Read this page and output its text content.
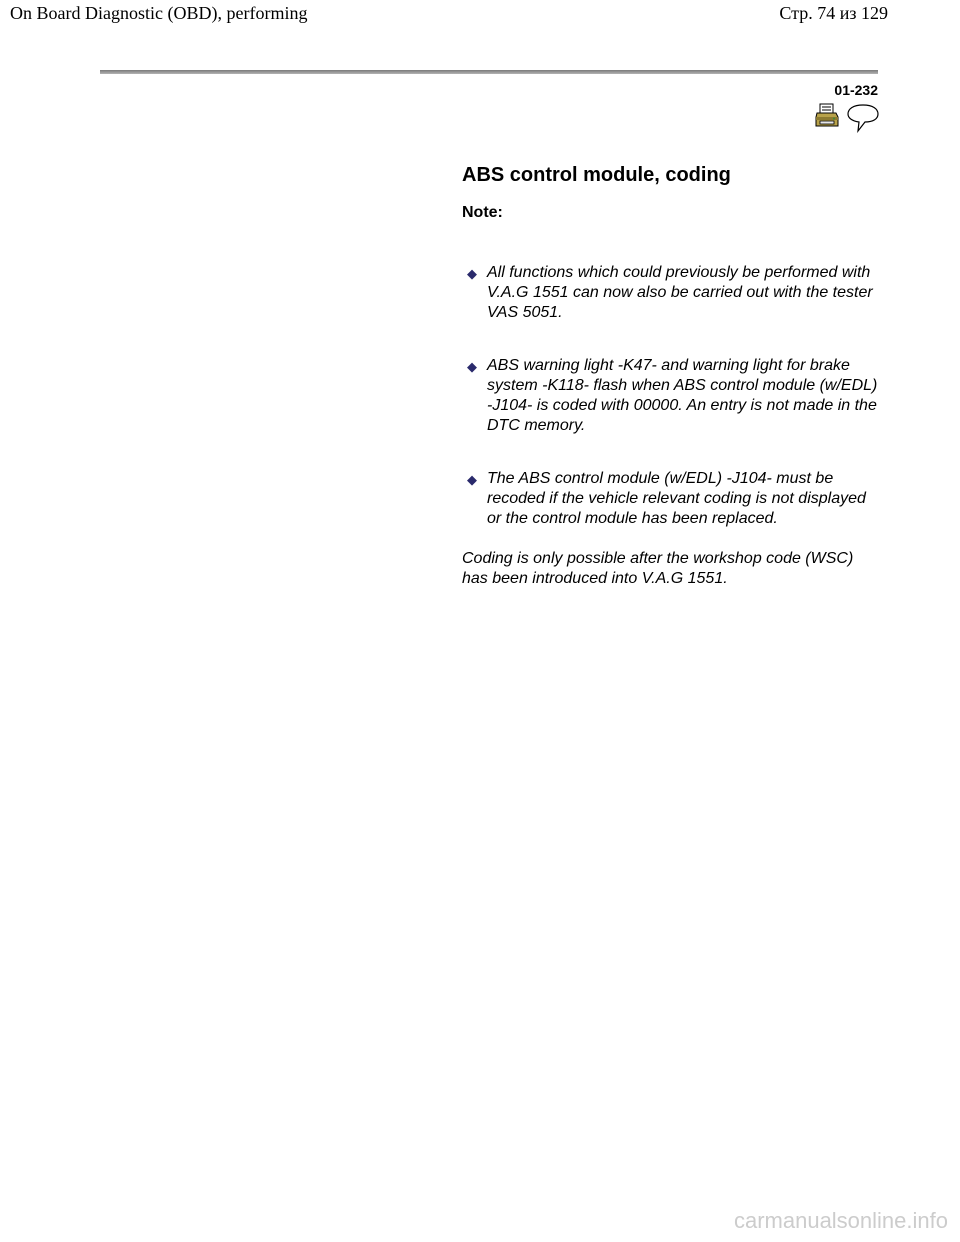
On Board Diagnostic (OBD), performing	Стр. 74 из 129
01-232
ABS control module, coding
Note:
◆ All functions which could previously be performed with V.A.G 1551 can now also be carried out with the tester VAS 5051.
◆ ABS warning light -K47- and warning light for brake system -K118- flash when ABS control module (w/EDL) -J104- is coded with 00000. An entry is not made in the DTC memory.
◆ The ABS control module (w/EDL) -J104- must be recoded if the vehicle relevant coding is not displayed or the control module has been replaced.
Coding is only possible after the workshop code (WSC) has been introduced into V.A.G 1551.
carmanualsonline.info
